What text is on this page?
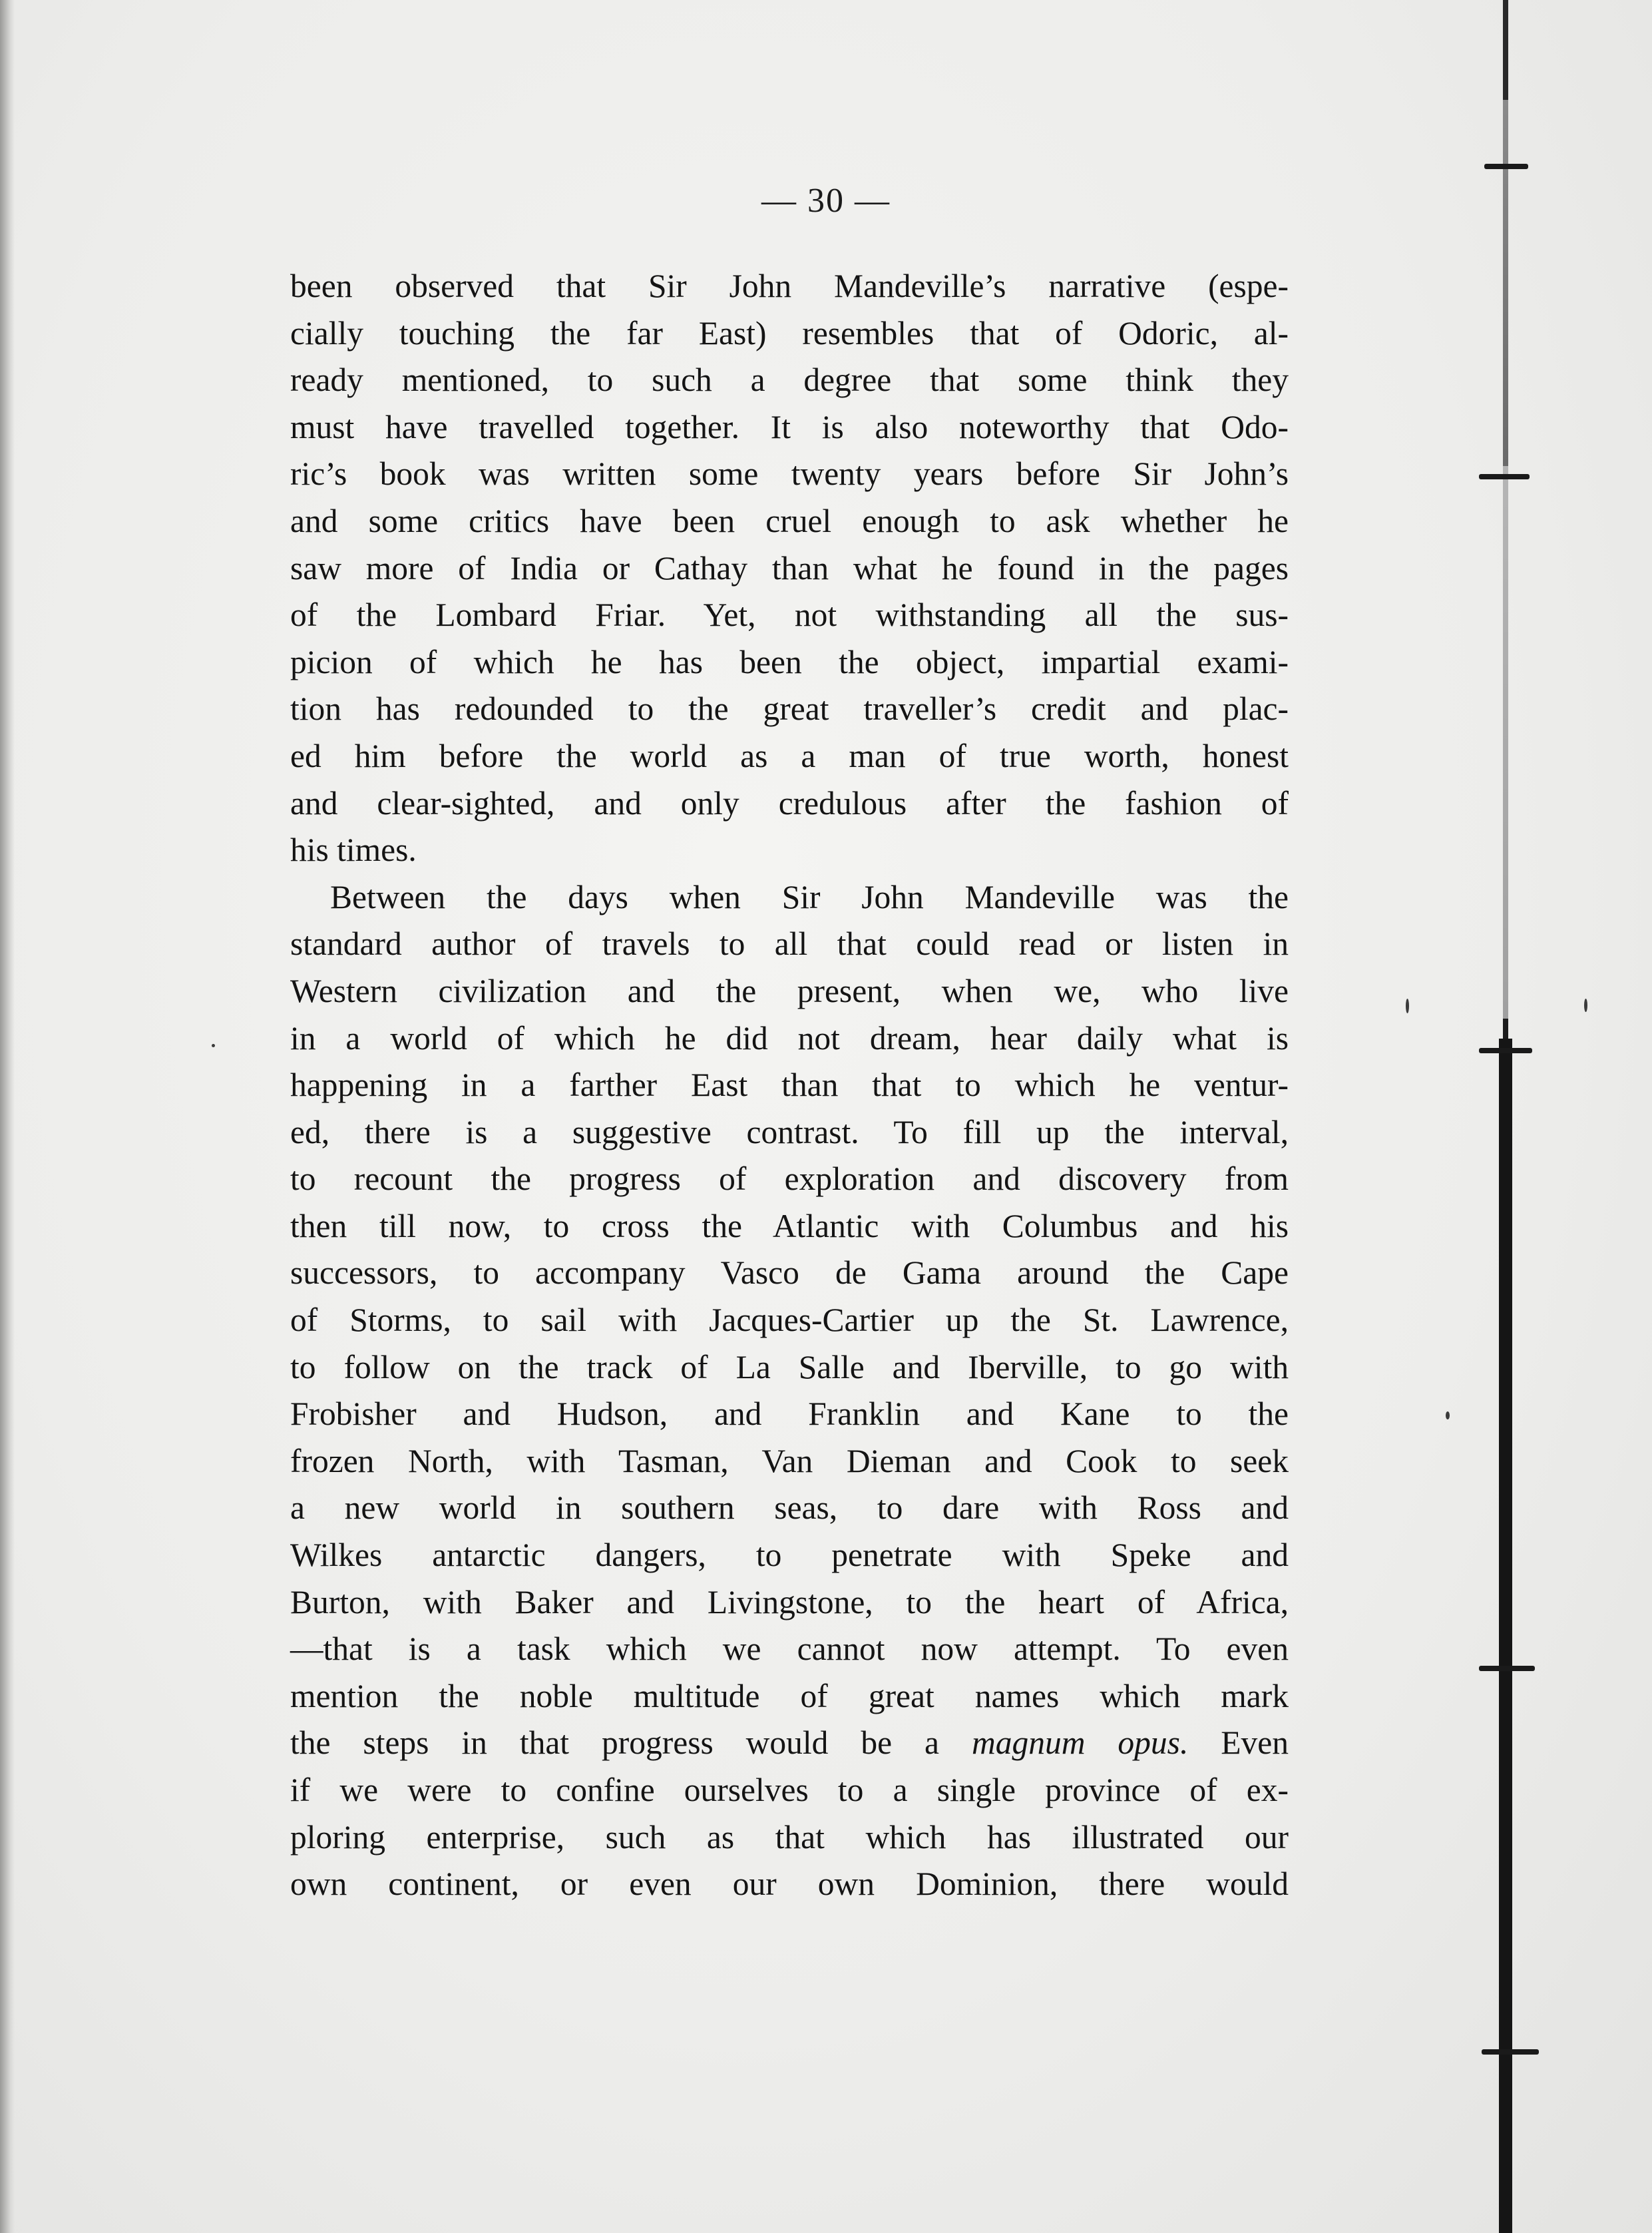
— 30 —
been observed that Sir John Mandeville’s narrative (espe-
cially touching the far East) resembles that of Odoric, al-
ready mentioned, to such a degree that some think they
must have travelled together. It is also noteworthy that Odo-
ric’s book was written some twenty years before Sir John’s
and some critics have been cruel enough to ask whether he
saw more of India or Cathay than what he found in the pages
of the Lombard Friar. Yet, not withstanding all the sus-
picion of which he has been the object, impartial exami-
tion has redounded to the great traveller’s credit and plac-
ed him before the world as a man of true worth, honest
and clear-sighted, and only credulous after the fashion of
his times.
Between the days when Sir John Mandeville was the
standard author of travels to all that could read or listen in
Western civilization and the present, when we, who live
in a world of which he did not dream, hear daily what is
happening in a farther East than that to which he ventur-
ed, there is a suggestive contrast. To fill up the interval,
to recount the progress of exploration and discovery from
then till now, to cross the Atlantic with Columbus and his
successors, to accompany Vasco de Gama around the Cape
of Storms, to sail with Jacques-Cartier up the St. Lawrence,
to follow on the track of La Salle and Iberville, to go with
Frobisher and Hudson, and Franklin and Kane to the
frozen North, with Tasman, Van Dieman and Cook to seek
a new world in southern seas, to dare with Ross and
Wilkes antarctic dangers, to penetrate with Speke and
Burton, with Baker and Livingstone, to the heart of Africa,
—that is a task which we cannot now attempt. To even
mention the noble multitude of great names which mark
the steps in that progress would be a magnum opus. Even
if we were to confine ourselves to a single province of ex-
ploring enterprise, such as that which has illustrated our
own continent, or even our own Dominion, there would
